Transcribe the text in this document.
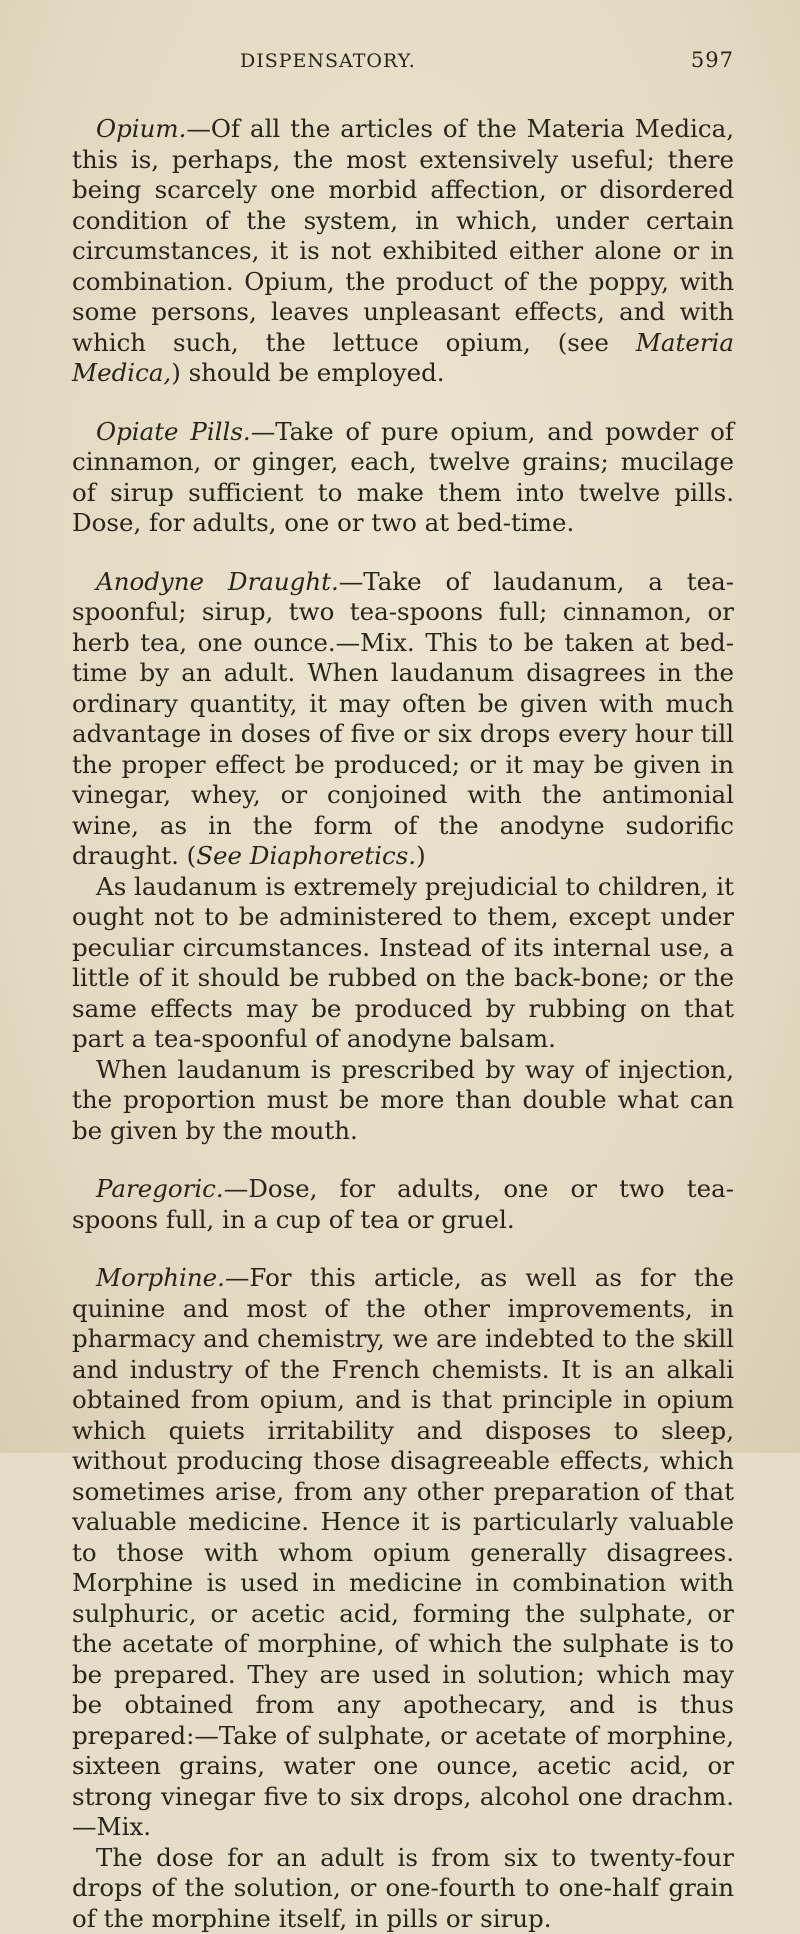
DISPENSATORY.	597

Opium.—Of all the articles of the Materia Medica, this is, perhaps, the most extensively useful; there being scarcely one morbid affection, or disordered condition of the system, in which, under certain circumstances, it is not exhibited either alone or in combination. Opium, the product of the poppy, with some persons, leaves unpleasant effects, and with which such, the lettuce opium, (see Materia Medica,) should be employed.

Opiate Pills.—Take of pure opium, and powder of cinnamon, or ginger, each, twelve grains; mucilage of sirup sufficient to make them into twelve pills. Dose, for adults, one or two at bed-time.

Anodyne Draught.—Take of laudanum, a tea-spoonful; sirup, two tea-spoons full; cinnamon, or herb tea, one ounce.—Mix. This to be taken at bed-time by an adult. When laudanum disagrees in the ordinary quantity, it may often be given with much advantage in doses of five or six drops every hour till the proper effect be produced; or it may be given in vinegar, whey, or conjoined with the antimonial wine, as in the form of the anodyne sudorific draught. (See Diaphoretics.)

As laudanum is extremely prejudicial to children, it ought not to be administered to them, except under peculiar circumstances. Instead of its internal use, a little of it should be rubbed on the back-bone; or the same effects may be produced by rubbing on that part a tea-spoonful of anodyne balsam.

When laudanum is prescribed by way of injection, the proportion must be more than double what can be given by the mouth.

Paregoric.—Dose, for adults, one or two tea-spoons full, in a cup of tea or gruel.

Morphine.—For this article, as well as for the quinine and most of the other improvements, in pharmacy and chemistry, we are indebted to the skill and industry of the French chemists. It is an alkali obtained from opium, and is that principle in opium which quiets irritability and disposes to sleep, without producing those disagreeable effects, which sometimes arise, from any other preparation of that valuable medicine. Hence it is particularly valuable to those with whom opium generally disagrees. Morphine is used in medicine in combination with sulphuric, or acetic acid, forming the sulphate, or the acetate of morphine, of which the sulphate is to be prepared. They are used in solution; which may be obtained from any apothecary, and is thus prepared:—Take of sulphate, or acetate of morphine, sixteen grains, water one ounce, acetic acid, or strong vinegar five to six drops, alcohol one drachm.—Mix.

The dose for an adult is from six to twenty-four drops of the solution, or one-fourth to one-half grain of the morphine itself, in pills or sirup.
